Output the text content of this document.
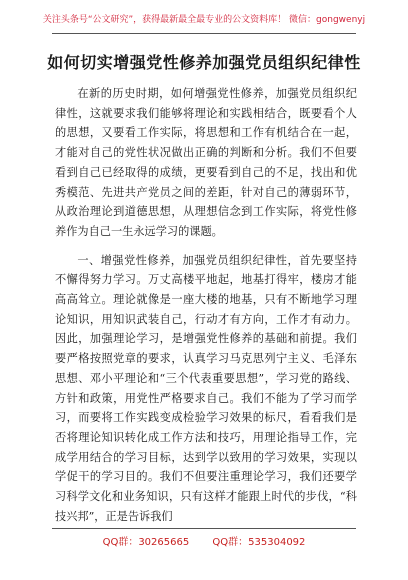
关注头条号“公文研究”，获得最新最全最专业的公文资料库！ 微信：gongwenyj
如何切实增强党性修养加强党员组织纪律性

在新的历史时期，如何增强党性修养，加强党员组织纪律性，这就要求我们能够将理论和实践相结合，既要看个人的思想，又要看工作实际，将思想和工作有机结合在一起，才能对自己的党性状况做出正确的判断和分析。我们不但要看到自己已经取得的成绩，更要看到自己的不足，找出和优秀模范、先进共产党员之间的差距，针对自己的薄弱环节，从政治理论到道德思想，从理想信念到工作实际，将党性修养作为自己一生永远学习的课题。

一、增强党性修养，加强党员组织纪律性，首先要坚持不懈得努力学习。万丈高楼平地起，地基打得牢，楼房才能高高耸立。理论就像是一座大楼的地基，只有不断地学习理论知识，用知识武装自己，行动才有方向，工作才有动力。因此，加强理论学习，是增强党性修养的基础和前提。我们要严格按照党章的要求，认真学习马克思列宁主义、毛泽东思想、邓小平理论和“三个代表重要思想”，学习党的路线、方针和政策，用党性严格要求自己。我们不能为了学习而学习，而要将工作实践变成检验学习效果的标尺，看看我们是否将理论知识转化成工作方法和技巧，用理论指导工作，完成学用结合的学习目标，达到学以致用的学习效果，实现以学促干的学习目的。我们不但要注重理论学习，我们还要学习科学文化和业务知识，只有这样才能跟上时代的步伐，“科技兴邦”，正是告诉我们

QQ群：30265665 QQ群：535304092
